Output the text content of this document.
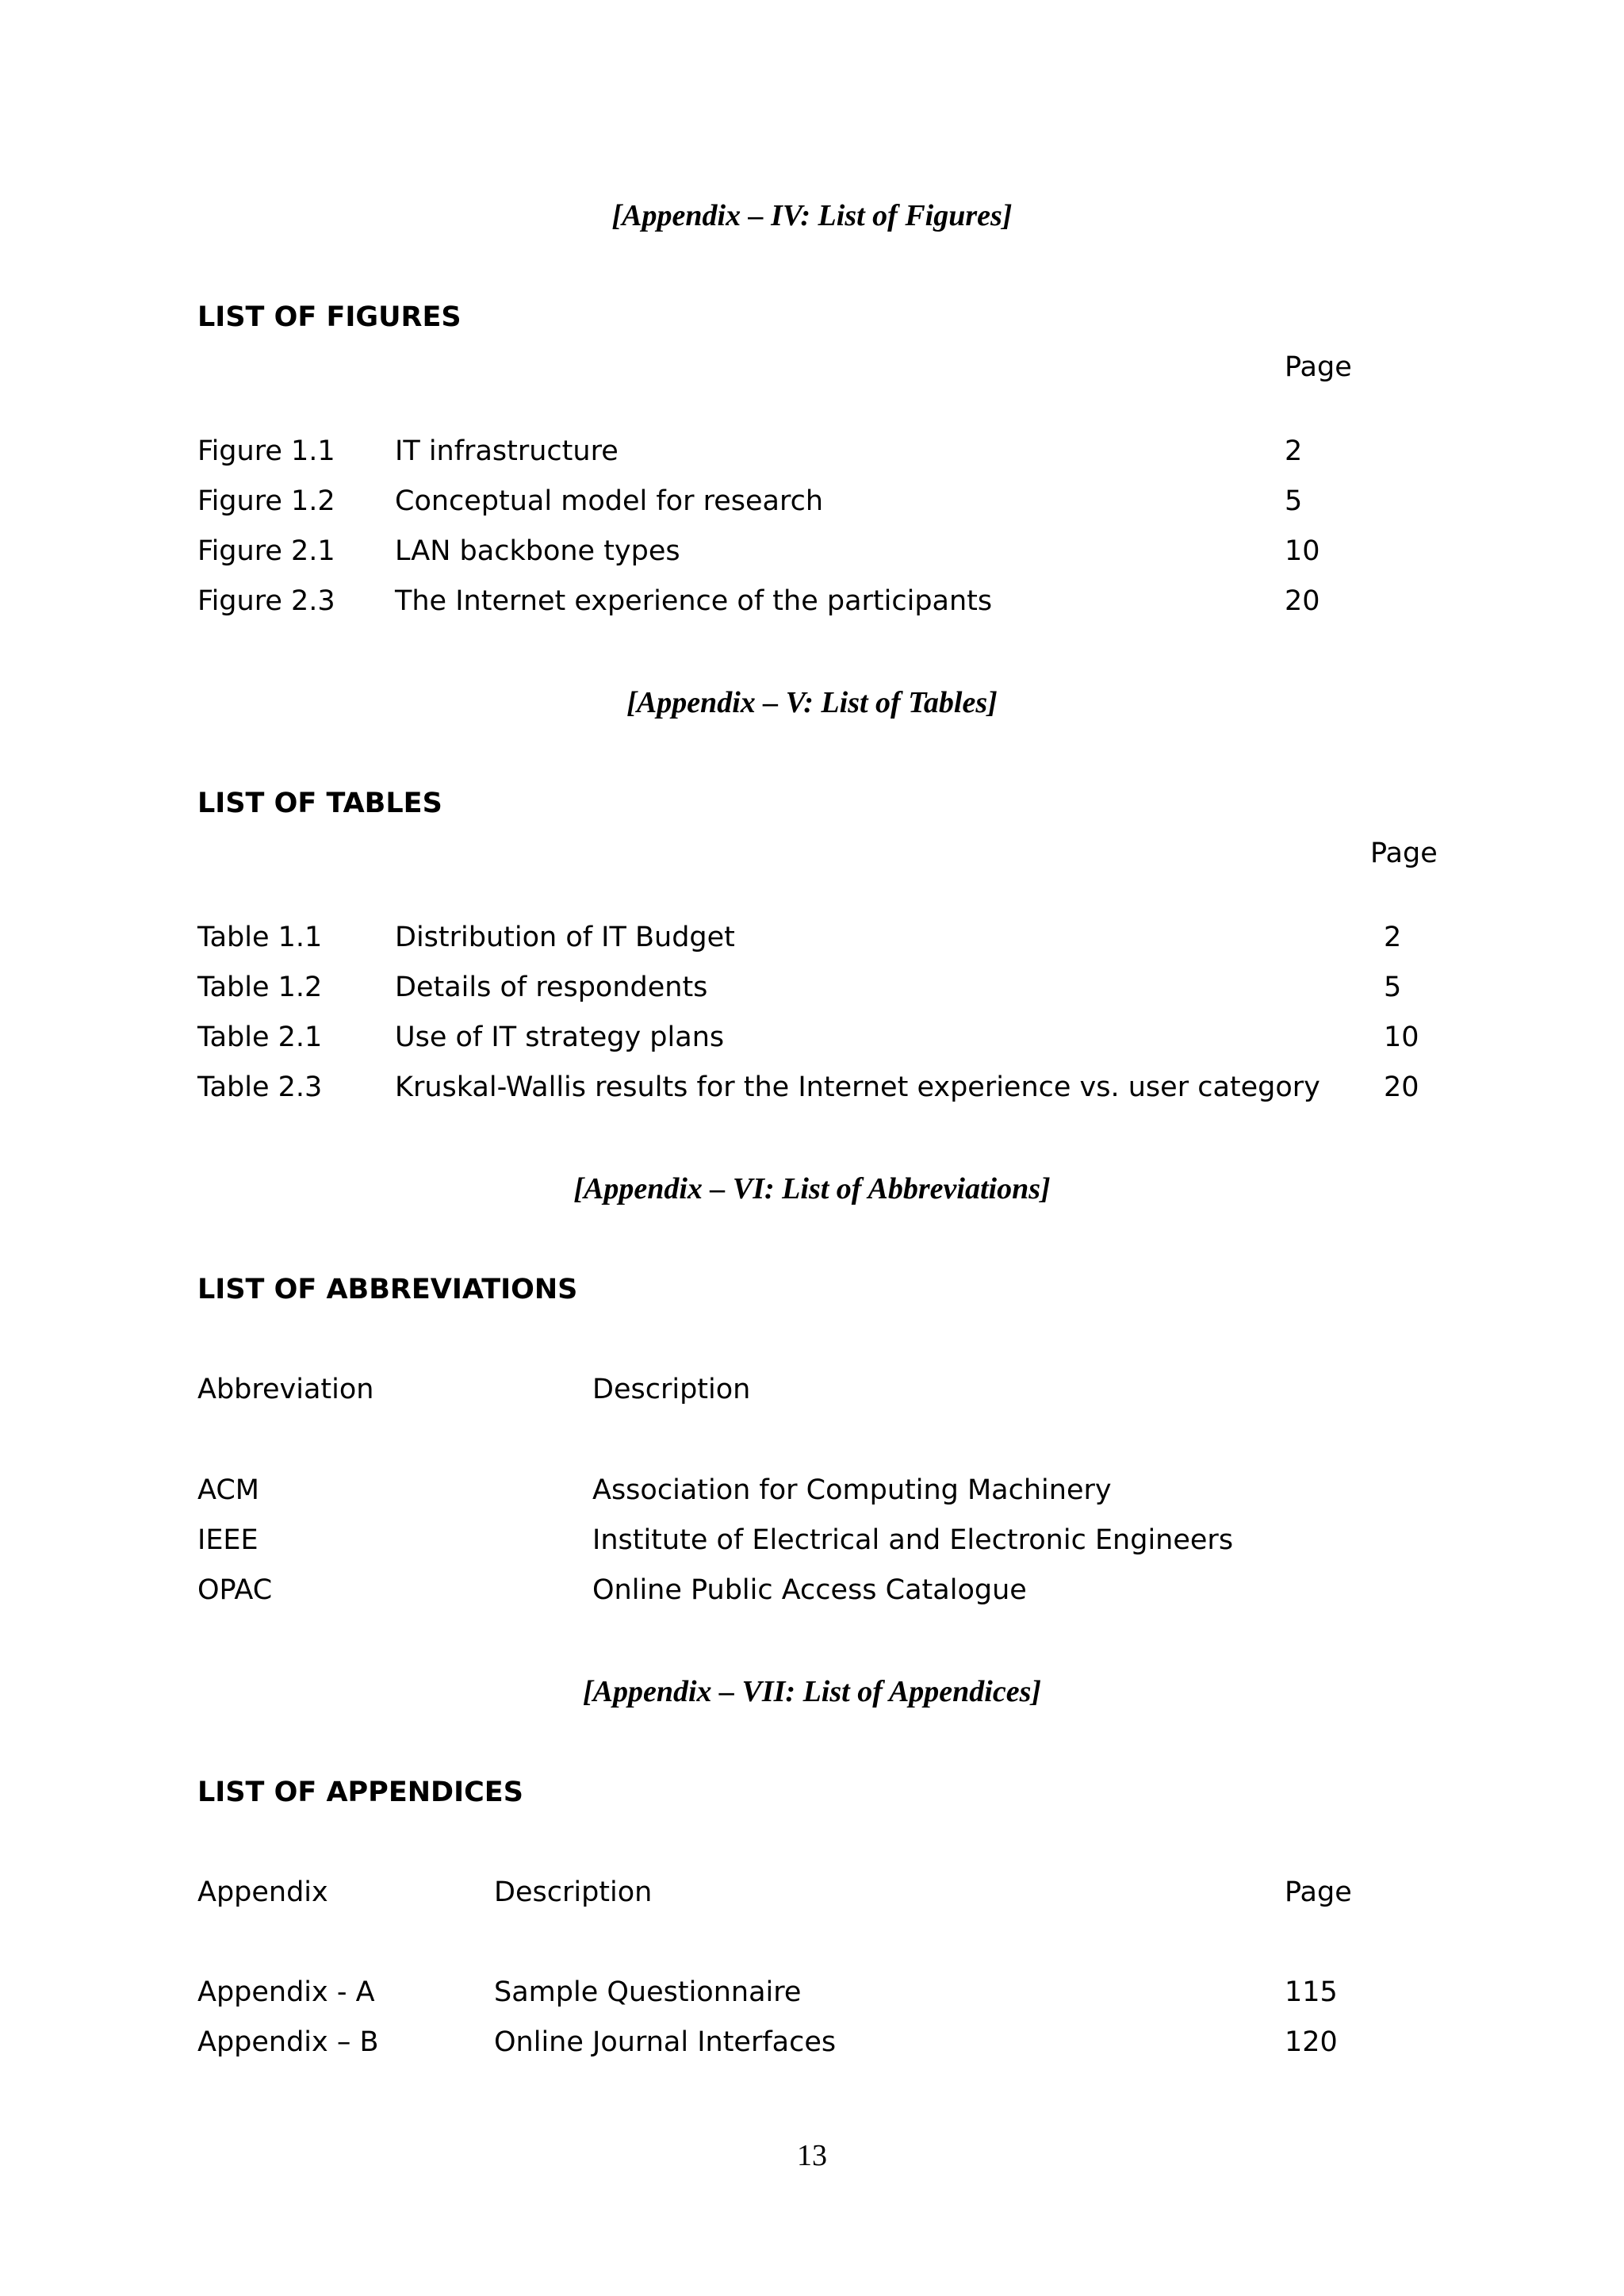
[Appendix – IV: List of Figures]
LIST OF FIGURES
Page
Figure 1.1 IT infrastructure	2
Figure 1.2 Conceptual model for research	5
Figure 2.1 LAN backbone types	10
Figure 2.3 The Internet experience of the participants	20
[Appendix – V: List of Tables]
LIST OF TABLES
Page
Table 1.1	Distribution of IT Budget	2
Table 1.2	Details of respondents	5
Table 2.1	Use of IT strategy plans	10
Table 2.3	Kruskal-Wallis results for the Internet experience vs. user category 20
[Appendix – VI: List of Abbreviations]
LIST OF ABBREVIATIONS
Abbreviation	Description
ACM	Association for Computing Machinery
IEEE	Institute of Electrical and Electronic Engineers
OPAC	Online Public Access Catalogue
[Appendix – VII: List of Appendices]
LIST OF APPENDICES
Appendix	Description	Page
Appendix - A	Sample Questionnaire	115
Appendix – B	Online Journal Interfaces	120
13
